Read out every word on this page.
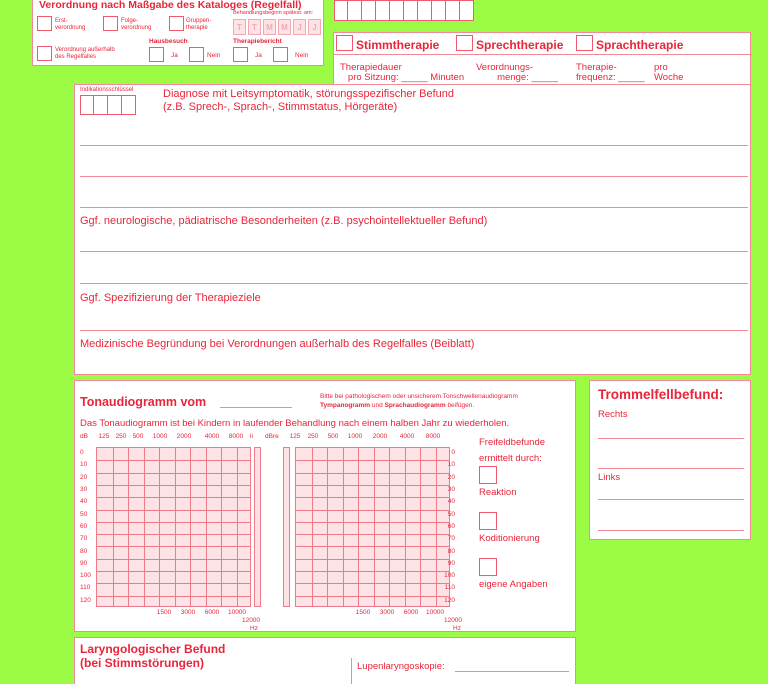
Verordnung nach Maßgabe des Kataloges (Regelfall)
Behandlungsbeginn spätest. am:
T	T	M	M	J	J
Erst-
verordnung
Folge-
verordnung
Gruppen-
therapie
Hausbesuch	Therapiebericht
Verordnung außerhalb
des Regelfalles	Ja	Nein	Ja	Nein
Stimmtherapie	Sprechtherapie	Sprachtherapie
Therapiedauer
pro Sitzung: _____ Minuten
Verordnungs-
menge: _____
Therapie-
frequenz: _____
pro
Woche
Indikationsschlüssel	Diagnose mit Leitsymptomatik, störungsspezifischer Befund
(z.B. Sprech-, Sprach-, Stimmstatus, Hörgeräte)
Ggf. neurologische, pädiatrische Besonderheiten (z.B. psychointellektueller Befund)
Ggf. Spezifizierung der Therapieziele
Medizinische Begründung bei Verordnungen außerhalb des Regelfalles (Beiblatt)
Tonaudiogramm vom	Bitte bei pathologischem oder unsicherem Tonschwellenaudiogramm
Tympanogramm und Sprachaudiogramm beifügen.
Das Tonaudiogramm ist bei Kindern in laufender Behandlung nach einem halben Jahr zu wiederholen.
dB 125 250 500 1000 2000 4000 8000 li
0
10
20
30
40
50
60
70
80
90
100
110
120
1500 3000 6000 10000
12000
Hz
dB	125 250 500 1000 2000 4000 8000
re
0
10
20
30
40
50
60
70
80
90
100
110
120
1500 3000 6000 10000
12000
Hz
Freifeldbefunde
ermittelt durch:
Reaktion
Koditionierung
eigene Angaben
Trommelfellbefund:
Rechts
Links
Laryngologischer Befund
(bei Stimmstörungen)	Lupenlaryngoskopie:
